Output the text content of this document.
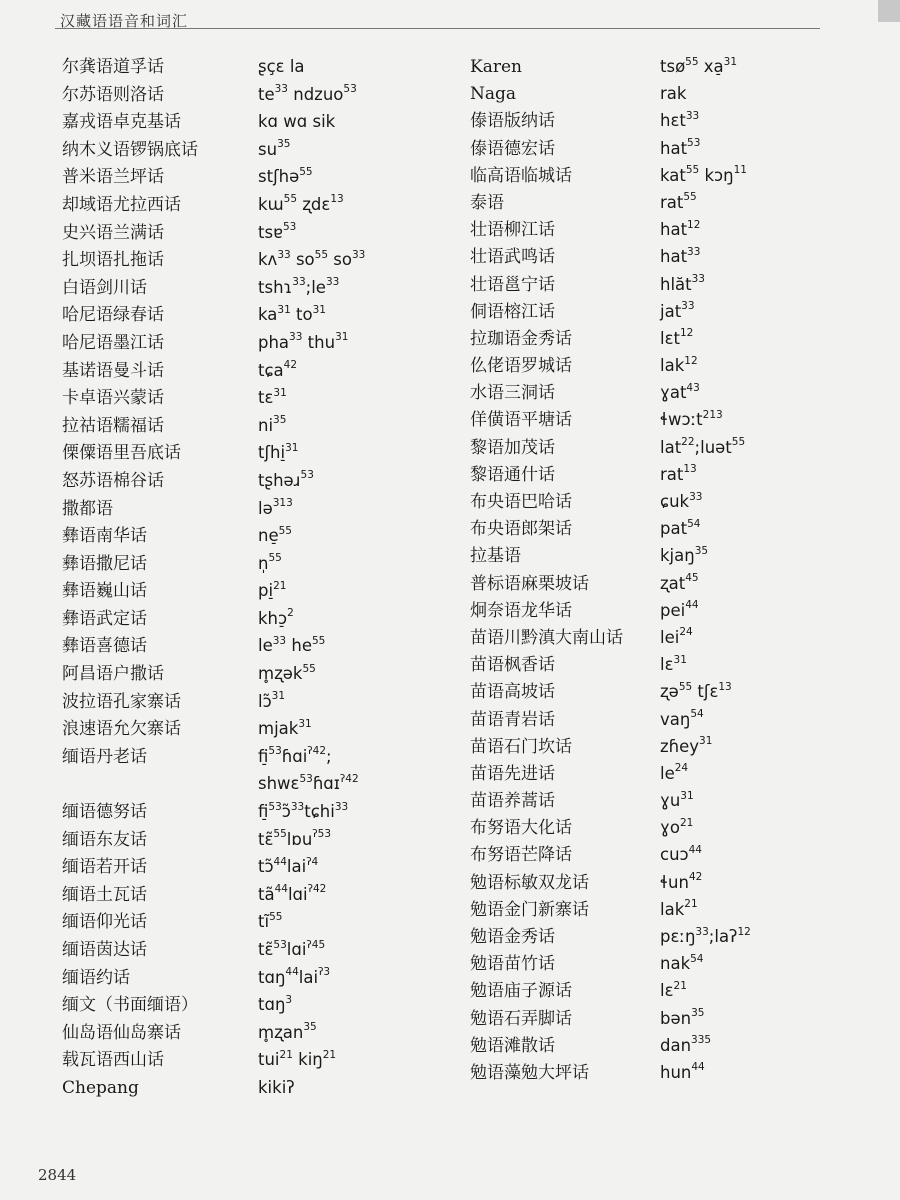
汉藏语语音和词汇
尔龚语道孚话	ʂçɛ la
尔苏语则洛话	$te^{33}$ ndzuo$^{53}$
嘉戎语卓克基话	kɑ wɑ sik
纳木义语锣锅底话	$su^{35}$
普米语兰坪话	stʃhə$^{55}$
却域语尤拉西话	kɯ$^{55}$ ʐdɛ$^{13}$
史兴语兰满话	tsɐ$^{53}$
扎坝语扎拖话	kʌ$^{33}$ $so^{55}$ $so^{33}$
白语剑川话	$tshɿ^{33};le^{33}$
哈尼语绿春话	$ka^{31}$ $to^{31}$
哈尼语墨江话	pha$^{33}$ thu$^{31}$
基诺语曼斗话	tɕa$^{42}$
卡卓语兴蒙话	tɛ$^{31}$
拉祜语糯福话	$ni^{35}$
傈僳语里吾底话	tʃhi̠$^{31}$
怒苏语棉谷话	tʂhəɹ$^{53}$
撒都语	lə$^{313}$
彝语南华话	ne̠$^{55}$
彝语撒尼话	n̩$^{55}$
彝语巍山话	pi̠$^{21}$
彝语武定话	khɔ̠$^2$
彝语喜德话	$le^{33}$ $he^{55}$
阿昌语户撒话	m̥ʐək$^{55}$
波拉语孔家寨话	lɔ̃$^{31}$
浪速语允欠寨话	mjak$^{31}$
缅语丹老话	fi̠$^{53}$ɦɑi$^{ʔ42}$;
shwɛ$^{53}$ɦɑɪ$^{ʔ42}$
缅语德努话	fi̠$^{53}$ɔ̃$^{33}$tɕhi$^{33}$
缅语东友话	tɛ̃$^{55}$lɒu$^{ʔ53}$
缅语若开话	tɔ̃$^{44}$lai$^{ʔ4}$
缅语土瓦话	$tã^{44}lɑi^{ʔ42}$
缅语仰光话	$tĩ^{55}$
缅语茵达话	tɛ̃$^{53}$lɑi$^{ʔ45}$
缅语约话	tɑŋ$^{44}$lai$^{ʔ3}$
缅文（书面缅语）	tɑŋ$^3$
仙岛语仙岛寨话	m̥ʐan$^{35}$
载瓦语西山话	tui$^{21}$ kiŋ$^{21}$
Chepang	kikiʔ
Karen	tsø$^{55}$ xa̠$^{31}$
Naga	rak
傣语版纳话	hɛt$^{33}$
傣语德宏话	hat$^{53}$
临高语临城话	kat$^{55}$ kɔŋ$^{11}$
泰语	rat$^{55}$
壮语柳江话	hat$^{12}$
壮语武鸣话	hat$^{33}$
壮语邕宁话	hlăt$^{33}$
侗语榕江话	jat$^{33}$
拉珈语金秀话	lɛt$^{12}$
仫佬语罗城话	lak$^{12}$
水语三洞话	ɣat$^{43}$
佯僙语平塘话	ɬwɔːt$^{213}$
黎语加茂话	lat$^{22}$;luət$^{55}$
黎语通什话	rat$^{13}$
布央语巴哈话	ɕuk$^{33}$
布央语郎架话	pat$^{54}$
拉基语	kjaŋ$^{35}$
普标语麻栗坡话	ʐat$^{45}$
炯奈语龙华话	pei$^{44}$
苗语川黔滇大南山话 lei$^{24}$
苗语枫香话	lɛ$^{31}$
苗语高坡话	ʐə$^{55}$ tʃɛ$^{13}$
苗语青岩话	vaŋ$^{54}$
苗语石门坎话	zɦey$^{31}$
苗语先进话	$le^{24}$
苗语养蒿话	ɣu$^{31}$
布努语大化话	ɣo$^{21}$
布努语芒降话	cuɔ$^{44}$
勉语标敏双龙话	ɬun$^{42}$
勉语金门新寨话	lak$^{21}$
勉语金秀话	pɛːŋ$^{33}$;laʔ$^{12}$
勉语苗竹话	nak$^{54}$
勉语庙子源话	lɛ$^{21}$
勉语石弄脚话	bən$^{35}$
勉语滩散话	dan$^{335}$
勉语藻勉大坪话	hun$^{44}$
2844
